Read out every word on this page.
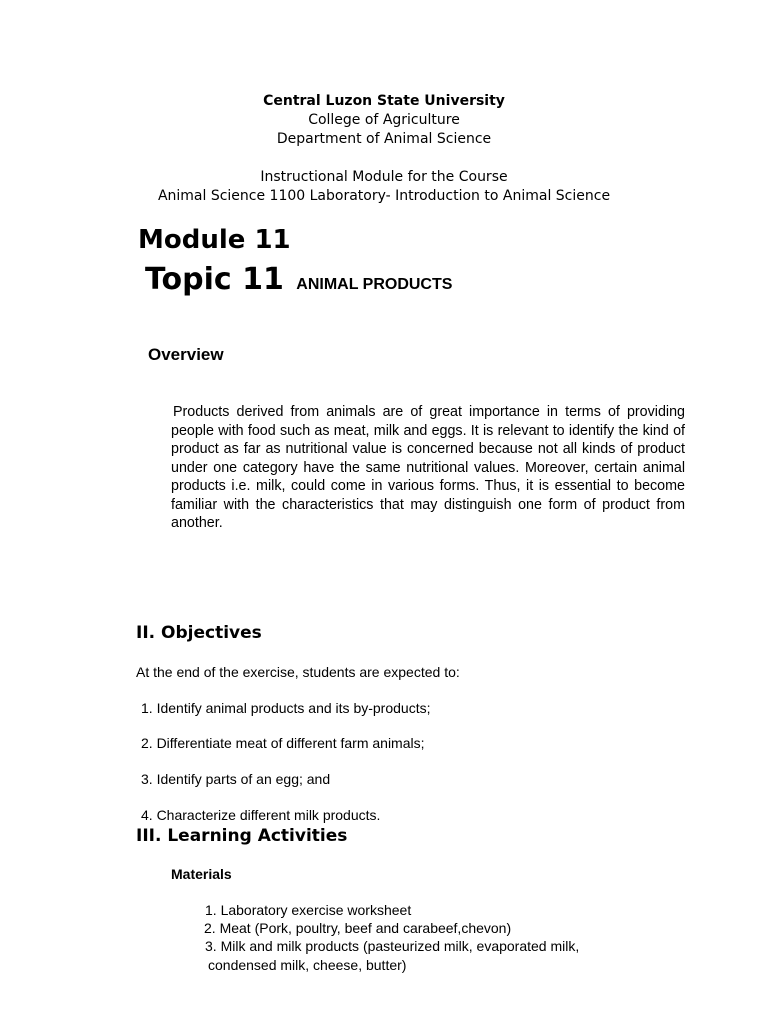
Central Luzon State University
College of Agriculture
Department of Animal Science
Instructional Module for the Course
Animal Science 1100 Laboratory- Introduction to Animal Science
Module 11
Topic 11 ANIMAL PRODUCTS
Overview
Products derived from animals are of great importance in terms of providing people with food such as meat, milk and eggs. It is relevant to identify the kind of product as far as nutritional value is concerned because not all kinds of product under one category have the same nutritional values. Moreover, certain animal products i.e. milk, could come in various forms. Thus, it is essential to become familiar with the characteristics that may distinguish one form of product from another.
II. Objectives
At the end of the exercise, students are expected to:
1. Identify animal products and its by-products;
2. Differentiate meat of different farm animals;
3. Identify parts of an egg; and
4. Characterize different milk products.
III. Learning Activities
Materials
1. Laboratory exercise worksheet
2. Meat (Pork, poultry, beef and carabeef,chevon)
3. Milk and milk products (pasteurized milk, evaporated milk,
condensed milk, cheese, butter)
